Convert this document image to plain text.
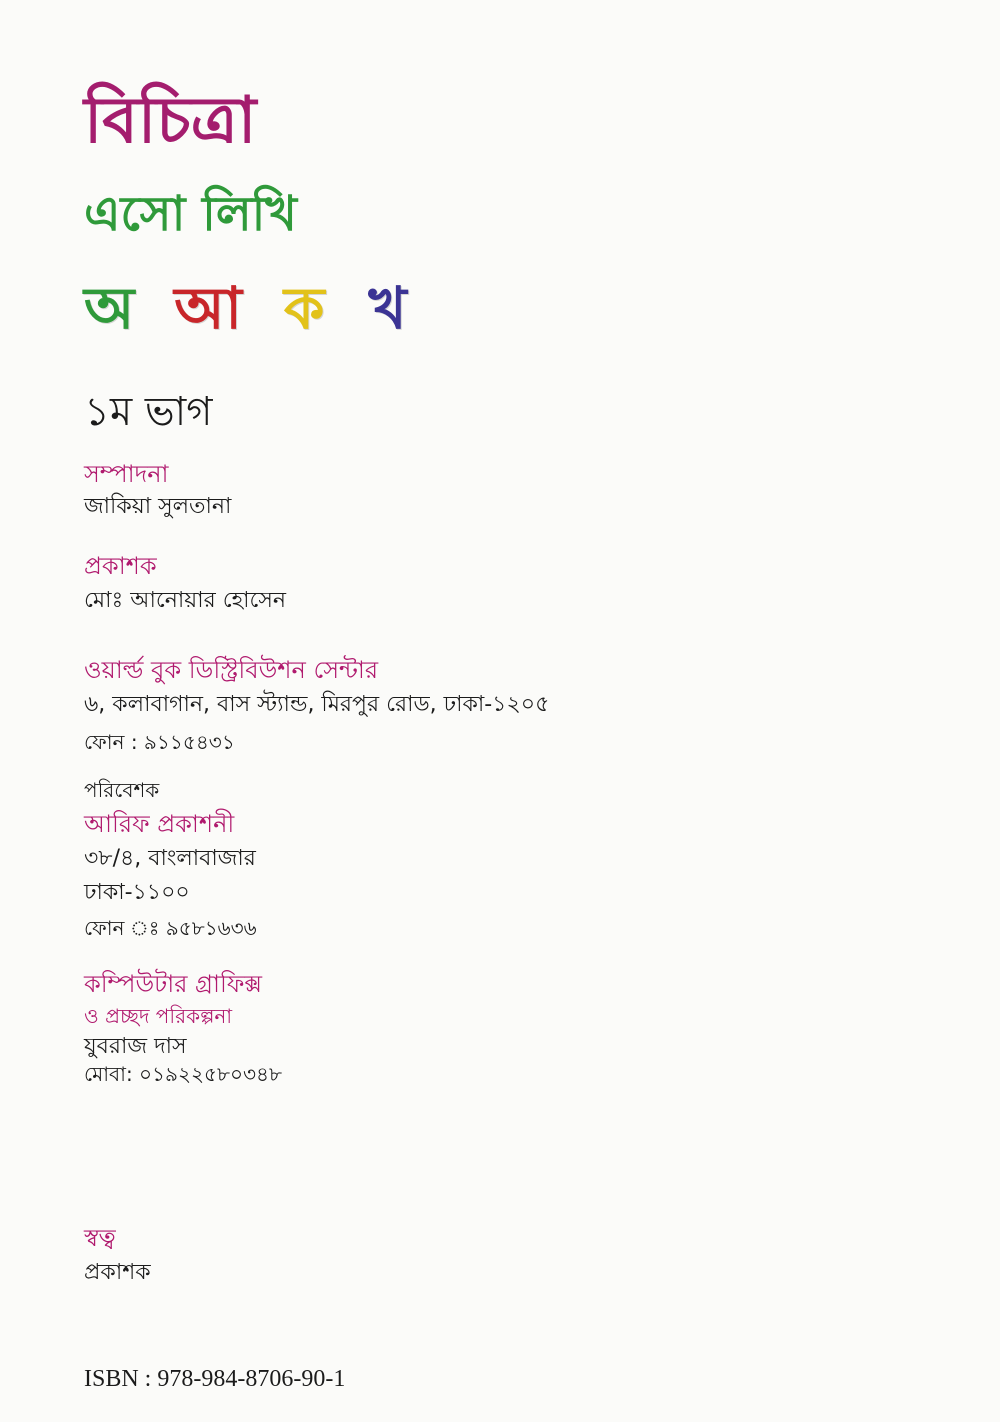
বিচিত্রা
এসো লিখি
অ আ ক খ
১ম ভাগ
সম্পাদনা
জাকিয়া সুলতানা
প্রকাশক
মোঃ আনোয়ার হোসেন
ওয়ার্ল্ড বুক ডিস্ট্রিবিউশন সেন্টার
৬, কলাবাগান, বাস স্ট্যান্ড, মিরপুর রোড, ঢাকা-১২০৫
ফোন : ৯১১৫৪৩১
পরিবেশক
আরিফ প্রকাশনী
৩৮/৪, বাংলাবাজার
ঢাকা-১১০০
ফোন ঃ ৯৫৮১৬৩৬
কম্পিউটার গ্রাফিক্স
ও প্রচ্ছদ পরিকল্পনা
যুবরাজ দাস
মোবা: ০১৯২২৫৮০৩৪৮
স্বত্ব
প্রকাশক
ISBN : 978-984-8706-90-1
